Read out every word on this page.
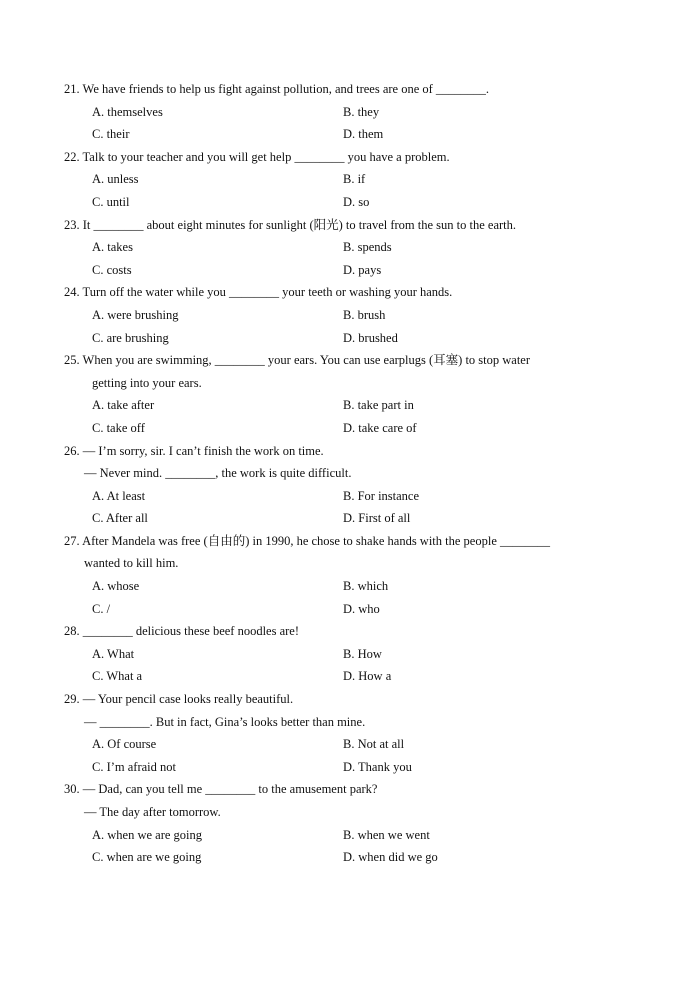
21. We have friends to help us fight against pollution, and trees are one of ________.
A. themselves	B. they
C. their	D. them
22. Talk to your teacher and you will get help ________ you have a problem.
A. unless	B. if
C. until	D. so
23. It ________ about eight minutes for sunlight (阳光) to travel from the sun to the earth.
A. takes	B. spends
C. costs	D. pays
24. Turn off the water while you ________ your teeth or washing your hands.
A. were brushing	B. brush
C. are brushing	D. brushed
25. When you are swimming, ________ your ears. You can use earplugs (耳塞) to stop water
getting into your ears.
A. take after	B. take part in
C. take off	D. take care of
26. — I’m sorry, sir. I can’t finish the work on time.
— Never mind. ________, the work is quite difficult.
A. At least	B. For instance
C. After all	D. First of all
27. After Mandela was free (自由的) in 1990, he chose to shake hands with the people ________
wanted to kill him.
A. whose	B. which
C. /	D. who
28. ________ delicious these beef noodles are!
A. What	B. How
C. What a	D. How a
29. — Your pencil case looks really beautiful.
— ________. But in fact, Gina’s looks better than mine.
A. Of course	B. Not at all
C. I’m afraid not	D. Thank you
30. — Dad, can you tell me ________ to the amusement park?
— The day after tomorrow.
A. when we are going	B. when we went
C. when are we going	D. when did we go
